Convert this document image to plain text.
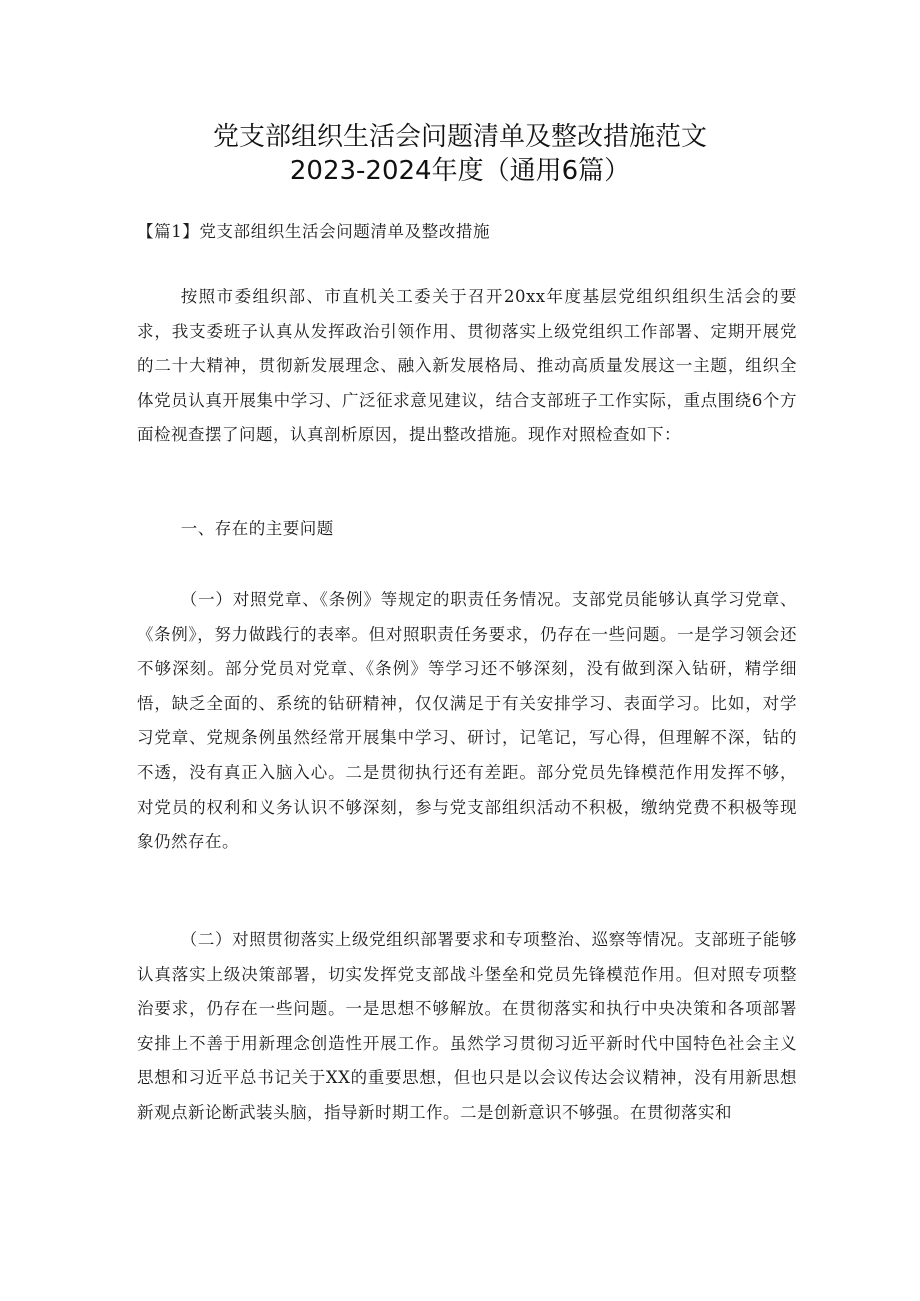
党支部组织生活会问题清单及整改措施范文
2023-2024年度（通用6篇）
【篇1】党支部组织生活会问题清单及整改措施

按照市委组织部、市直机关工委关于召开20xx年度基层党组织组织生活会的要求，我支委班子认真从发挥政治引领作用、贯彻落实上级党组织工作部署、定期开展党的二十大精神，贯彻新发展理念、融入新发展格局、推动高质量发展这一主题，组织全体党员认真开展集中学习、广泛征求意见建议，结合支部班子工作实际，重点围绕6个方面检视查摆了问题，认真剖析原因，提出整改措施。现作对照检查如下：

一、存在的主要问题

（一）对照党章、《条例》等规定的职责任务情况。支部党员能够认真学习党章、《条例》，努力做践行的表率。但对照职责任务要求，仍存在一些问题。一是学习领会还不够深刻。部分党员对党章、《条例》等学习还不够深刻，没有做到深入钻研，精学细悟，缺乏全面的、系统的钻研精神，仅仅满足于有关安排学习、表面学习。比如，对学习党章、党规条例虽然经常开展集中学习、研讨，记笔记，写心得，但理解不深，钻的不透，没有真正入脑入心。二是贯彻执行还有差距。部分党员先锋模范作用发挥不够，对党员的权利和义务认识不够深刻，参与党支部组织活动不积极，缴纳党费不积极等现象仍然存在。

（二）对照贯彻落实上级党组织部署要求和专项整治、巡察等情况。支部班子能够认真落实上级决策部署，切实发挥党支部战斗堡垒和党员先锋模范作用。但对照专项整治要求，仍存在一些问题。一是思想不够解放。在贯彻落实和执行中央决策和各项部署安排上不善于用新理念创造性开展工作。虽然学习贯彻习近平新时代中国特色社会主义思想和习近平总书记关于XX的重要思想，但也只是以会议传达会议精神，没有用新思想新观点新论断武装头脑，指导新时期工作。二是创新意识不够强。在贯彻落实和
